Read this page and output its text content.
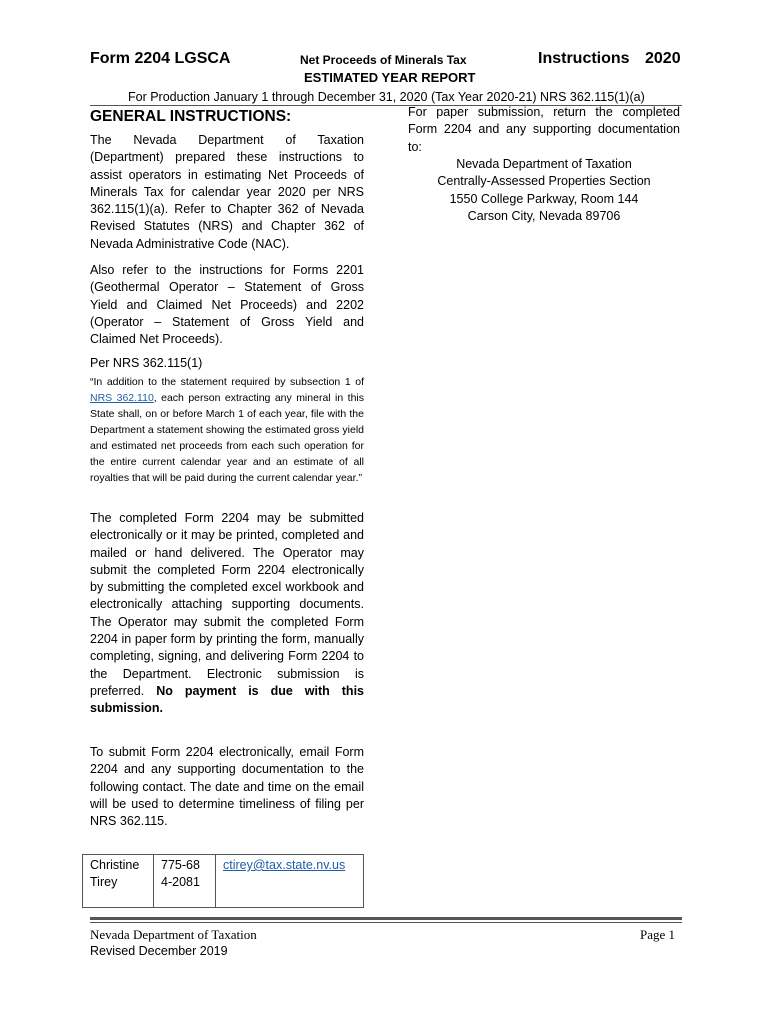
Form 2204 LGSCA	Net Proceeds of Minerals Tax	Instructions 2020
ESTIMATED YEAR REPORT
For Production January 1 through December 31, 2020 (Tax Year 2020-21) NRS 362.115(1)(a)
GENERAL INSTRUCTIONS:
The Nevada Department of Taxation (Department) prepared these instructions to assist operators in estimating Net Proceeds of Minerals Tax for calendar year 2020 per NRS 362.115(1)(a). Refer to Chapter 362 of Nevada Revised Statutes (NRS) and Chapter 362 of Nevada Administrative Code (NAC).
Also refer to the instructions for Forms 2201 (Geothermal Operator – Statement of Gross Yield and Claimed Net Proceeds) and 2202 (Operator – Statement of Gross Yield and Claimed Net Proceeds).
Per NRS 362.115(1)
“In addition to the statement required by subsection 1 of NRS 362.110, each person extracting any mineral in this State shall, on or before March 1 of each year, file with the Department a statement showing the estimated gross yield and estimated net proceeds from each such operation for the entire current calendar year and an estimate of all royalties that will be paid during the current calendar year.”
The completed Form 2204 may be submitted electronically or it may be printed, completed and mailed or hand delivered. The Operator may submit the completed Form 2204 electronically by submitting the completed excel workbook and electronically attaching supporting documents. The Operator may submit the completed Form 2204 in paper form by printing the form, manually completing, signing, and delivering Form 2204 to the Department. Electronic submission is preferred. No payment is due with this submission.
To submit Form 2204 electronically, email Form 2204 and any supporting documentation to the following contact. The date and time on the email will be used to determine timeliness of filing per NRS 362.115.
Christine Tirey	775-684-2081	ctirey@tax.state.nv.us
For paper submission, return the completed Form 2204 and any supporting documentation to:
Nevada Department of Taxation
Centrally-Assessed Properties Section
1550 College Parkway, Room 144
Carson City, Nevada 89706
Nevada Department of Taxation
Revised December 2019
Page 1
